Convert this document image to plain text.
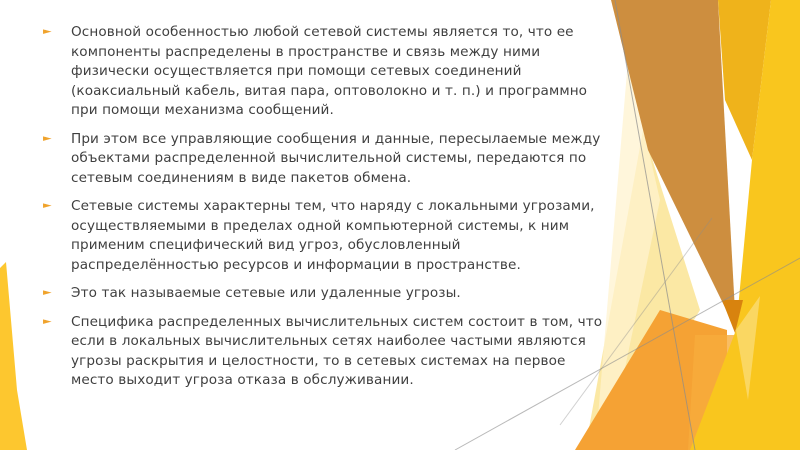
►	Основной особенностью любой сетевой системы является то, что ее компоненты распределены в пространстве и связь между ними физически осуществляется при помощи сетевых соединений (коаксиальный кабель, витая пара, оптоволокно и т. п.) и программно при помощи механизма сообщений.
►	При этом все управляющие сообщения и данные, пересылаемые между объектами распределенной вычислительной системы, передаются по сетевым соединениям в виде пакетов обмена.
►	Сетевые системы характерны тем, что наряду с локальными угрозами, осуществляемыми в пределах одной компьютерной системы, к ним применим специфический вид угроз, обусловленный распределённостью ресурсов и информации в пространстве.
►	Это так называемые сетевые или удаленные угрозы.
►	Специфика распределенных вычислительных систем состоит в том, что если в локальных вычислительных сетях наиболее частыми являются угрозы раскрытия и целостности, то в сетевых системах на первое место выходит угроза отказа в обслуживании.
